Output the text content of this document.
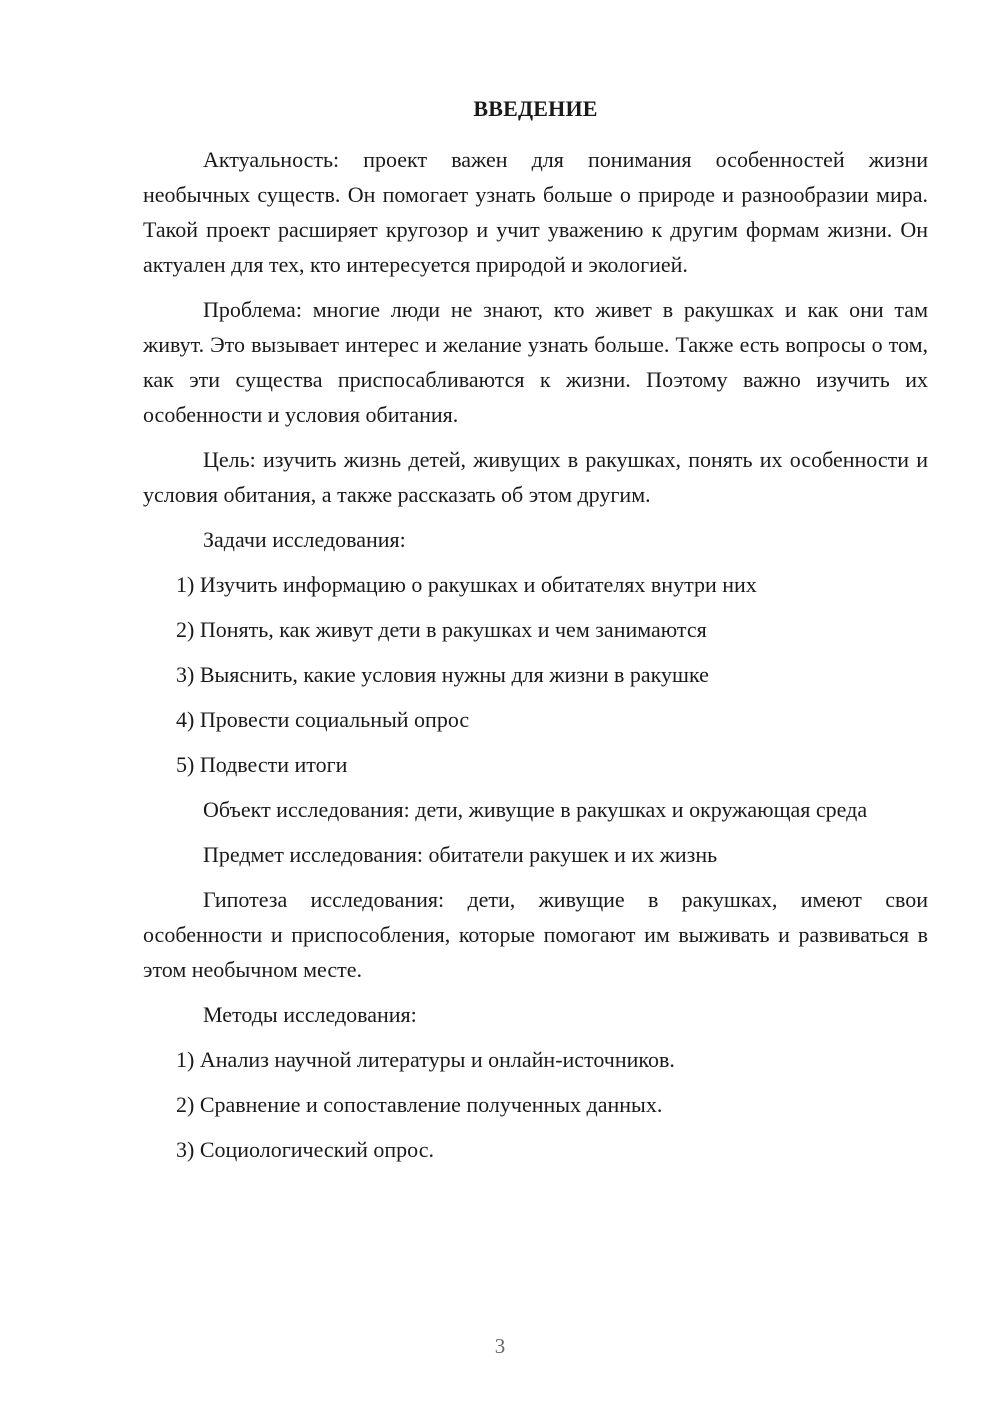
ВВЕДЕНИЕ

Актуальность: проект важен для понимания особенностей жизни необычных существ. Он помогает узнать больше о природе и разнообразии мира. Такой проект расширяет кругозор и учит уважению к другим формам жизни. Он актуален для тех, кто интересуется природой и экологией.

Проблема: многие люди не знают, кто живет в ракушках и как они там живут. Это вызывает интерес и желание узнать больше. Также есть вопросы о том, как эти существа приспосабливаются к жизни. Поэтому важно изучить их особенности и условия обитания.

Цель: изучить жизнь детей, живущих в ракушках, понять их особенности и условия обитания, а также рассказать об этом другим.

Задачи исследования:

1) Изучить информацию о ракушках и обитателях внутри них
2) Понять, как живут дети в ракушках и чем занимаются
3) Выяснить, какие условия нужны для жизни в ракушке
4) Провести социальный опрос
5) Подвести итоги

Объект исследования: дети, живущие в ракушках и окружающая среда

Предмет исследования: обитатели ракушек и их жизнь

Гипотеза исследования: дети, живущие в ракушках, имеют свои особенности и приспособления, которые помогают им выживать и развиваться в этом необычном месте.

Методы исследования:

1) Анализ научной литературы и онлайн-источников.
2) Сравнение и сопоставление полученных данных.
3) Социологический опрос.
3
